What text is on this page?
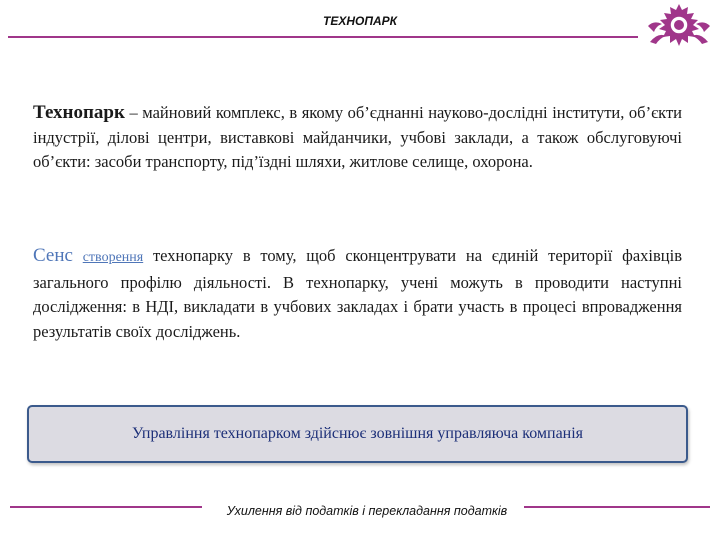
ТЕХНОПАРК
Технопарк – майновий комплекс, в якому об’єднанні науково-дослідні інститути, об’єкти індустрії, ділові центри, виставкові майданчики, учбові заклади, а також обслуговуючі об’єкти: засоби транспорту, під’їздні шляхи, житлове селище, охорона.
Сенс створення технопарку в тому, щоб сконцентрувати на єдиній території фахівців загального профілю діяльності. В технопарку, учені можуть в проводити наступні дослідження: в НДІ, викладати в учбових закладах і брати участь в процесі впровадження результатів своїх досліджень.
Управління технопарком здійснює зовнішня управляюча компанія
Ухилення від податків і перекладання податків
